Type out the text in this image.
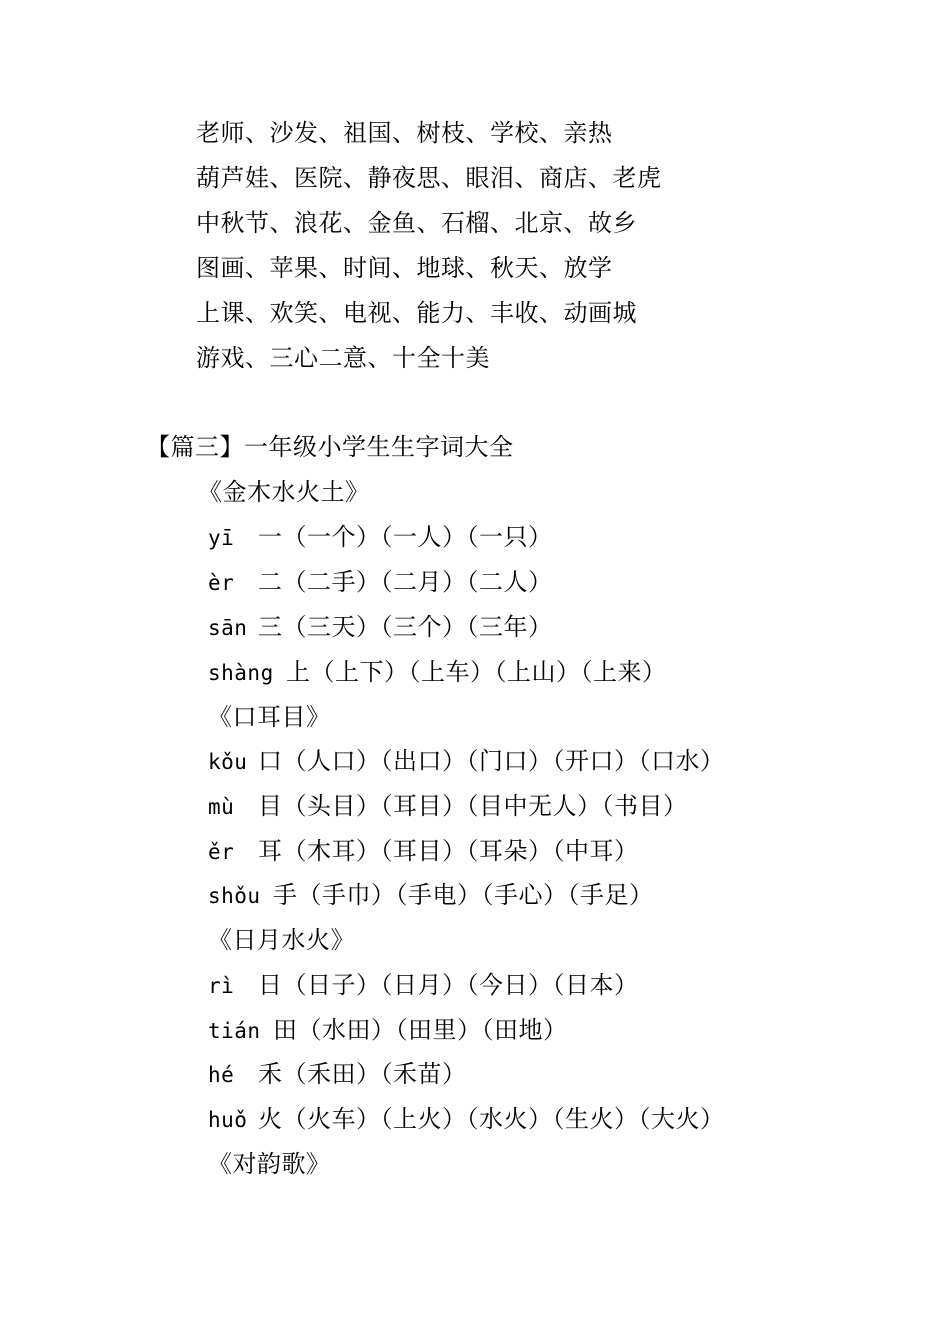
老师、沙发、祖国、树枝、学校、亲热
葫芦娃、医院、静夜思、眼泪、商店、老虎
中秋节、浪花、金鱼、石榴、北京、故乡
图画、苹果、时间、地球、秋天、放学
上课、欢笑、电视、能力、丰收、动画城
游戏、三心二意、十全十美
【篇三】一年级小学生生字词大全
《金木水火土》
yī 一（一个）（一人）（一只）
èr 二（二手）（二月）（二人）
sān 三（三天）（三个）（三年）
shàng 上（上下）（上车）（上山）（上来）
《口耳目》
kǒu 口（人口）（出口）（门口）（开口）（口水）
mù 目（头目）（耳目）（目中无人）（书目）
ěr 耳（木耳）（耳目）（耳朵）（中耳）
shǒu 手（手巾）（手电）（手心）（手足）
《日月水火》
rì 日（日子）（日月）（今日）（日本）
tián 田（水田）（田里）（田地）
hé 禾（禾田）（禾苗）
huǒ 火（火车）（上火）（水火）（生火）（大火）
《对韵歌》
